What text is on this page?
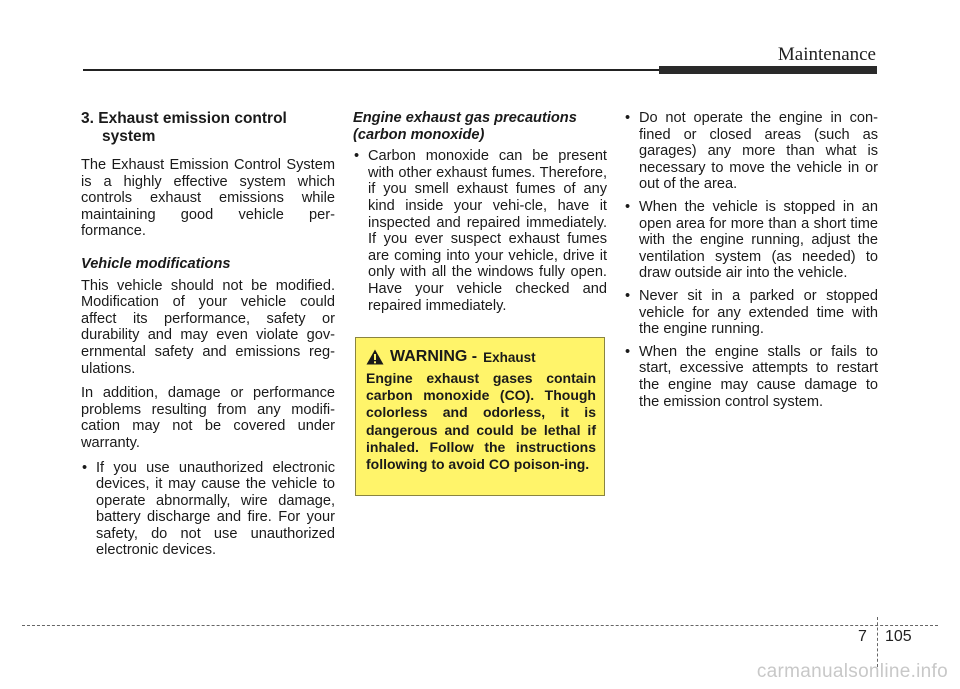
Maintenance
3. Exhaust emission control system

The Exhaust Emission Control System is a highly effective system which controls exhaust emissions while maintaining good vehicle per-formance.

Vehicle modifications

This vehicle should not be modified. Modification of your vehicle could affect its performance, safety or durability and may even violate gov-ernmental safety and emissions reg-ulations.

In addition, damage or performance problems resulting from any modifi-cation may not be covered under warranty.

• If you use unauthorized electronic devices, it may cause the vehicle to operate abnormally, wire damage, battery discharge and fire. For your safety, do not use unauthorized electronic devices.
Engine exhaust gas precautions (carbon monoxide)
• Carbon monoxide can be present with other exhaust fumes. Therefore, if you smell exhaust fumes of any kind inside your vehi-cle, have it inspected and repaired immediately. If you ever suspect exhaust fumes are coming into your vehicle, drive it only with all the windows fully open. Have your vehicle checked and repaired immediately.
WARNING - Exhaust

Engine exhaust gases contain carbon monoxide (CO). Though colorless and odorless, it is dangerous and could be lethal if inhaled. Follow the instructions following to avoid CO poison-ing.

• Do not operate the engine in con-fined or closed areas (such as garages) any more than what is necessary to move the vehicle in or out of the area.
• When the vehicle is stopped in an open area for more than a short time with the engine running, adjust the ventilation system (as needed) to draw outside air into the vehicle.
• Never sit in a parked or stopped vehicle for any extended time with the engine running.
• When the engine stalls or fails to start, excessive attempts to restart the engine may cause damage to the emission control system.
7 105
carmanualsonline.info
